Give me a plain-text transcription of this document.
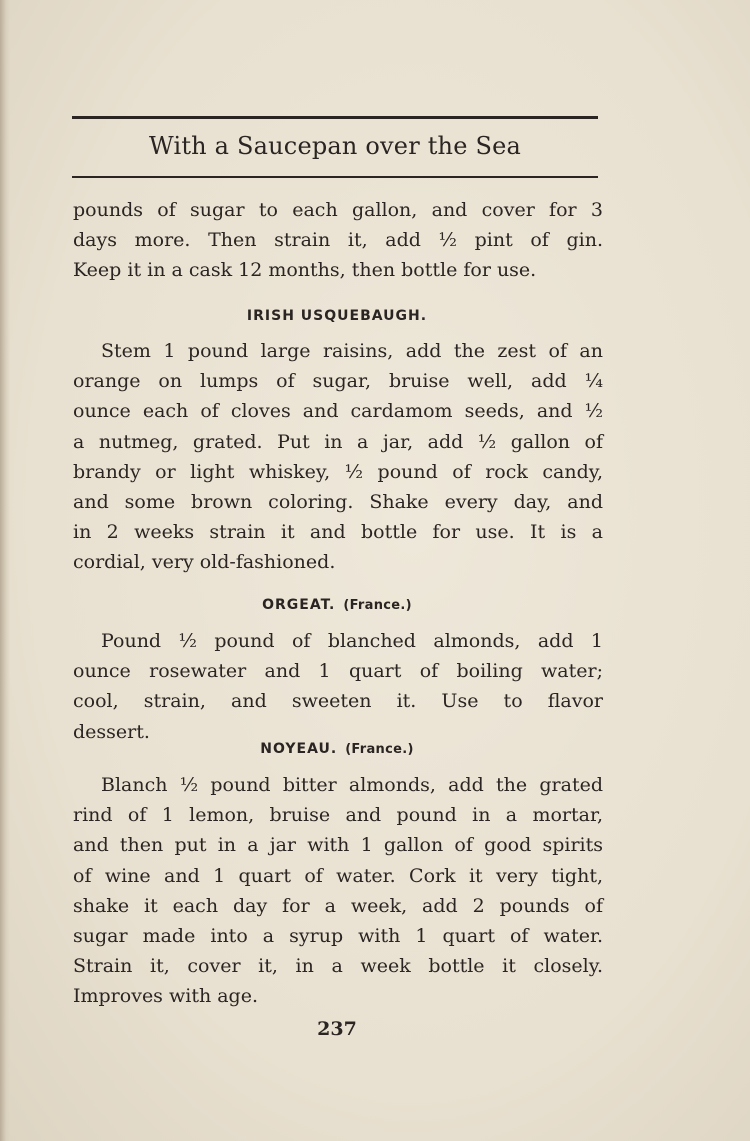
With a Saucepan over the Sea
pounds of sugar to each gallon, and cover for 3
days more. Then strain it, add ½ pint of gin.
Keep it in a cask 12 months, then bottle for use.
IRISH USQUEBAUGH.
Stem 1 pound large raisins, add the zest of an
orange on lumps of sugar, bruise well, add ¼
ounce each of cloves and cardamom seeds, and ½
a nutmeg, grated. Put in a jar, add ½ gallon of
brandy or light whiskey, ½ pound of rock candy,
and some brown coloring. Shake every day, and
in 2 weeks strain it and bottle for use. It is a
cordial, very old-fashioned.
ORGEAT. (France.)
Pound ½ pound of blanched almonds, add 1
ounce rosewater and 1 quart of boiling water;
cool, strain, and sweeten it. Use to flavor
dessert.
NOYEAU. (France.)
Blanch ½ pound bitter almonds, add the grated
rind of 1 lemon, bruise and pound in a mortar,
and then put in a jar with 1 gallon of good spirits
of wine and 1 quart of water. Cork it very tight,
shake it each day for a week, add 2 pounds of
sugar made into a syrup with 1 quart of water.
Strain it, cover it, in a week bottle it closely.
Improves with age.
237
